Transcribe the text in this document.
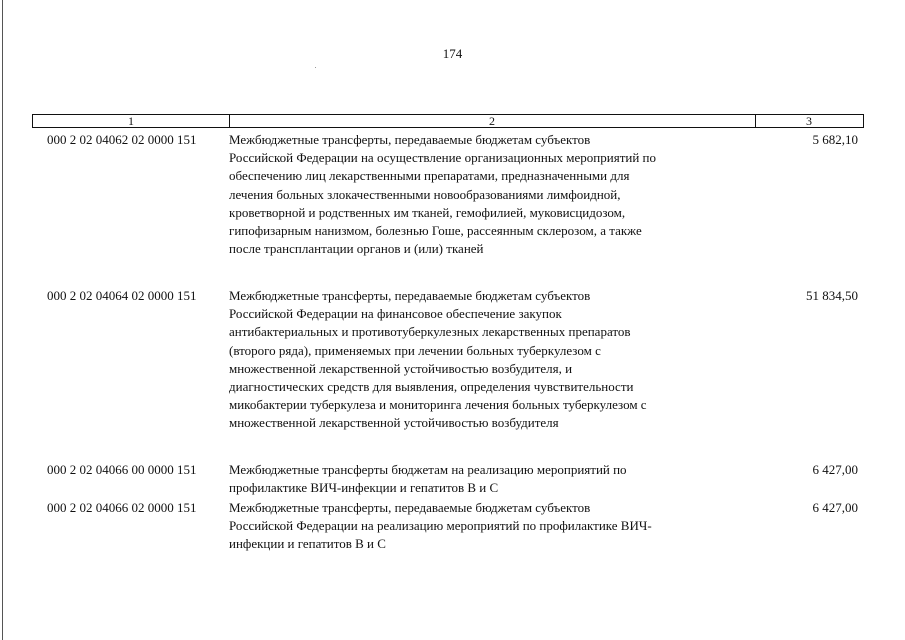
174
1	2	3
000 2 02 04062 02 0000 151	Межбюджетные трансферты, передаваемые бюджетам субъектов
Российской Федерации на осуществление организационных мероприятий по
обеспечению лиц лекарственными препаратами, предназначенными для
лечения больных злокачественными новообразованиями лимфоидной,
кроветворной и родственных им тканей, гемофилией, муковисцидозом,
гипофизарным нанизмом, болезнью Гоше, рассеянным склерозом, а также
после трансплантации органов и (или) тканей
5 682,10
000 2 02 04064 02 0000 151	Межбюджетные трансферты, передаваемые бюджетам субъектов
Российской Федерации на финансовое обеспечение закупок
антибактериальных и противотуберкулезных лекарственных препаратов
(второго ряда), применяемых при лечении больных туберкулезом с
множественной лекарственной устойчивостью возбудителя, и
диагностических средств для выявления, определения чувствительности
микобактерии туберкулеза и мониторинга лечения больных туберкулезом с
множественной лекарственной устойчивостью возбудителя
51 834,50
000 2 02 04066 00 0000 151	Межбюджетные трансферты бюджетам на реализацию мероприятий по
профилактике ВИЧ-инфекции и гепатитов В и С
6 427,00
000 2 02 04066 02 0000 151	Межбюджетные трансферты, передаваемые бюджетам субъектов
Российской Федерации на реализацию мероприятий по профилактике ВИЧ-
инфекции и гепатитов В и С
6 427,00
